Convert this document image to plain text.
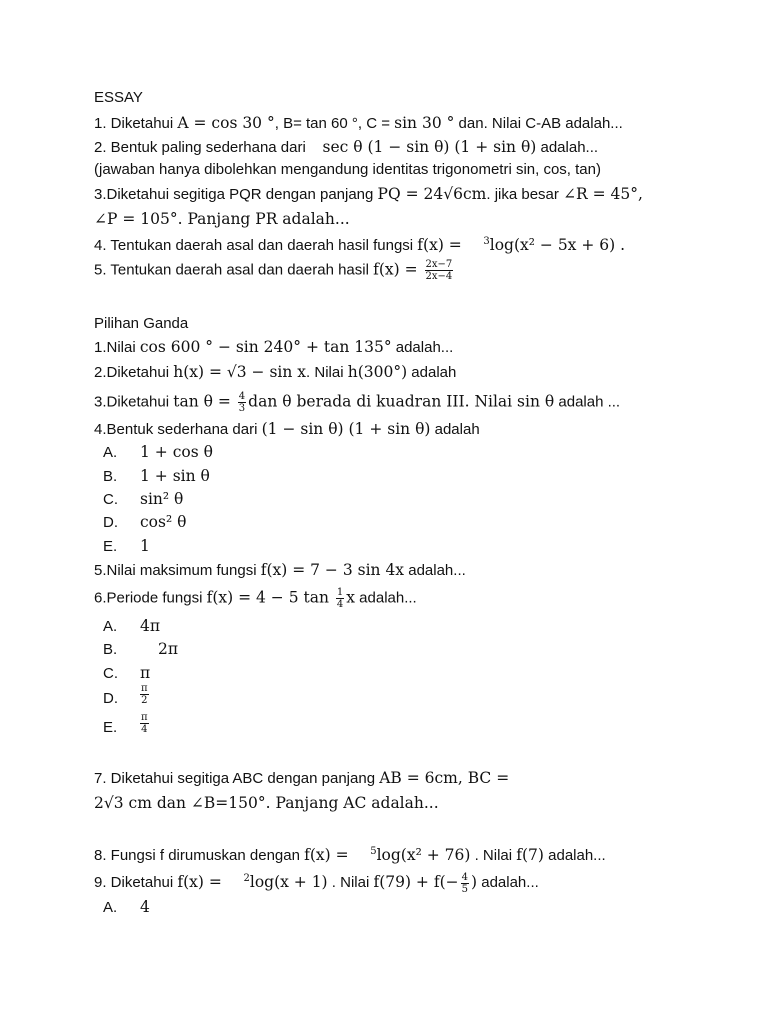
ESSAY
1. Diketahui A = cos 30 °, B= tan 60 °, C = sin 30 ° dan. Nilai C-AB adalah...
2. Bentuk paling sederhana dari    sec θ (1 − sin θ) (1 + sin θ) adalah...
(jawaban hanya dibolehkan mengandung identitas trigonometri sin, cos, tan)
3.Diketahui segitiga PQR dengan panjang PQ = 24√6cm. jika besar ∠R = 45°,
∠P = 105°. Panjang PR adalah...
4. Tentukan daerah asal dan daerah hasil fungsi f(x) =     $^3$log(x² − 5x + 6) .
5. Tentukan daerah asal dan daerah hasil $f(x) = \frac{2x-7}{2x-4}$
Pilihan Ganda
1.Nilai cos 600 ° − sin 240° + tan 135° adalah...
2.Diketahui h(x) = √3 − sin x. Nilai h(300°) adalah
3.Diketahui $\tan \theta = \frac{4}{3}$ dan θ berada di kuadran III. Nilai sin θ adalah ...
4.Bentuk sederhana dari (1 − sin θ) (1 + sin θ) adalah
A. 1 + cos θ
B. 1 + sin θ
C. sin² θ
D. cos² θ
E. 1
5.Nilai maksimum fungsi f(x) = 7 − 3 sin 4x adalah...
6.Periode fungsi f(x) = 4 − 5 $\tan \frac{1}{4}$ x adalah...
A. 4π
B.	2π
C. π
D. $\frac{\pi}{2}$
E. $\frac{\pi}{4}$
7. Diketahui segitiga ABC dengan panjang AB = 6cm, BC =
2√3 cm dan ∠B=150°. Panjang AC adalah...
8. Fungsi f dirumuskan dengan f(x) =     $^5$log(x² + 76) . Nilai f(7) adalah...
9. Diketahui f(x) =     $^2$log(x + 1) . Nilai $f(79) + f(- \frac{4}{5}$ ) adalah...
A. 4
